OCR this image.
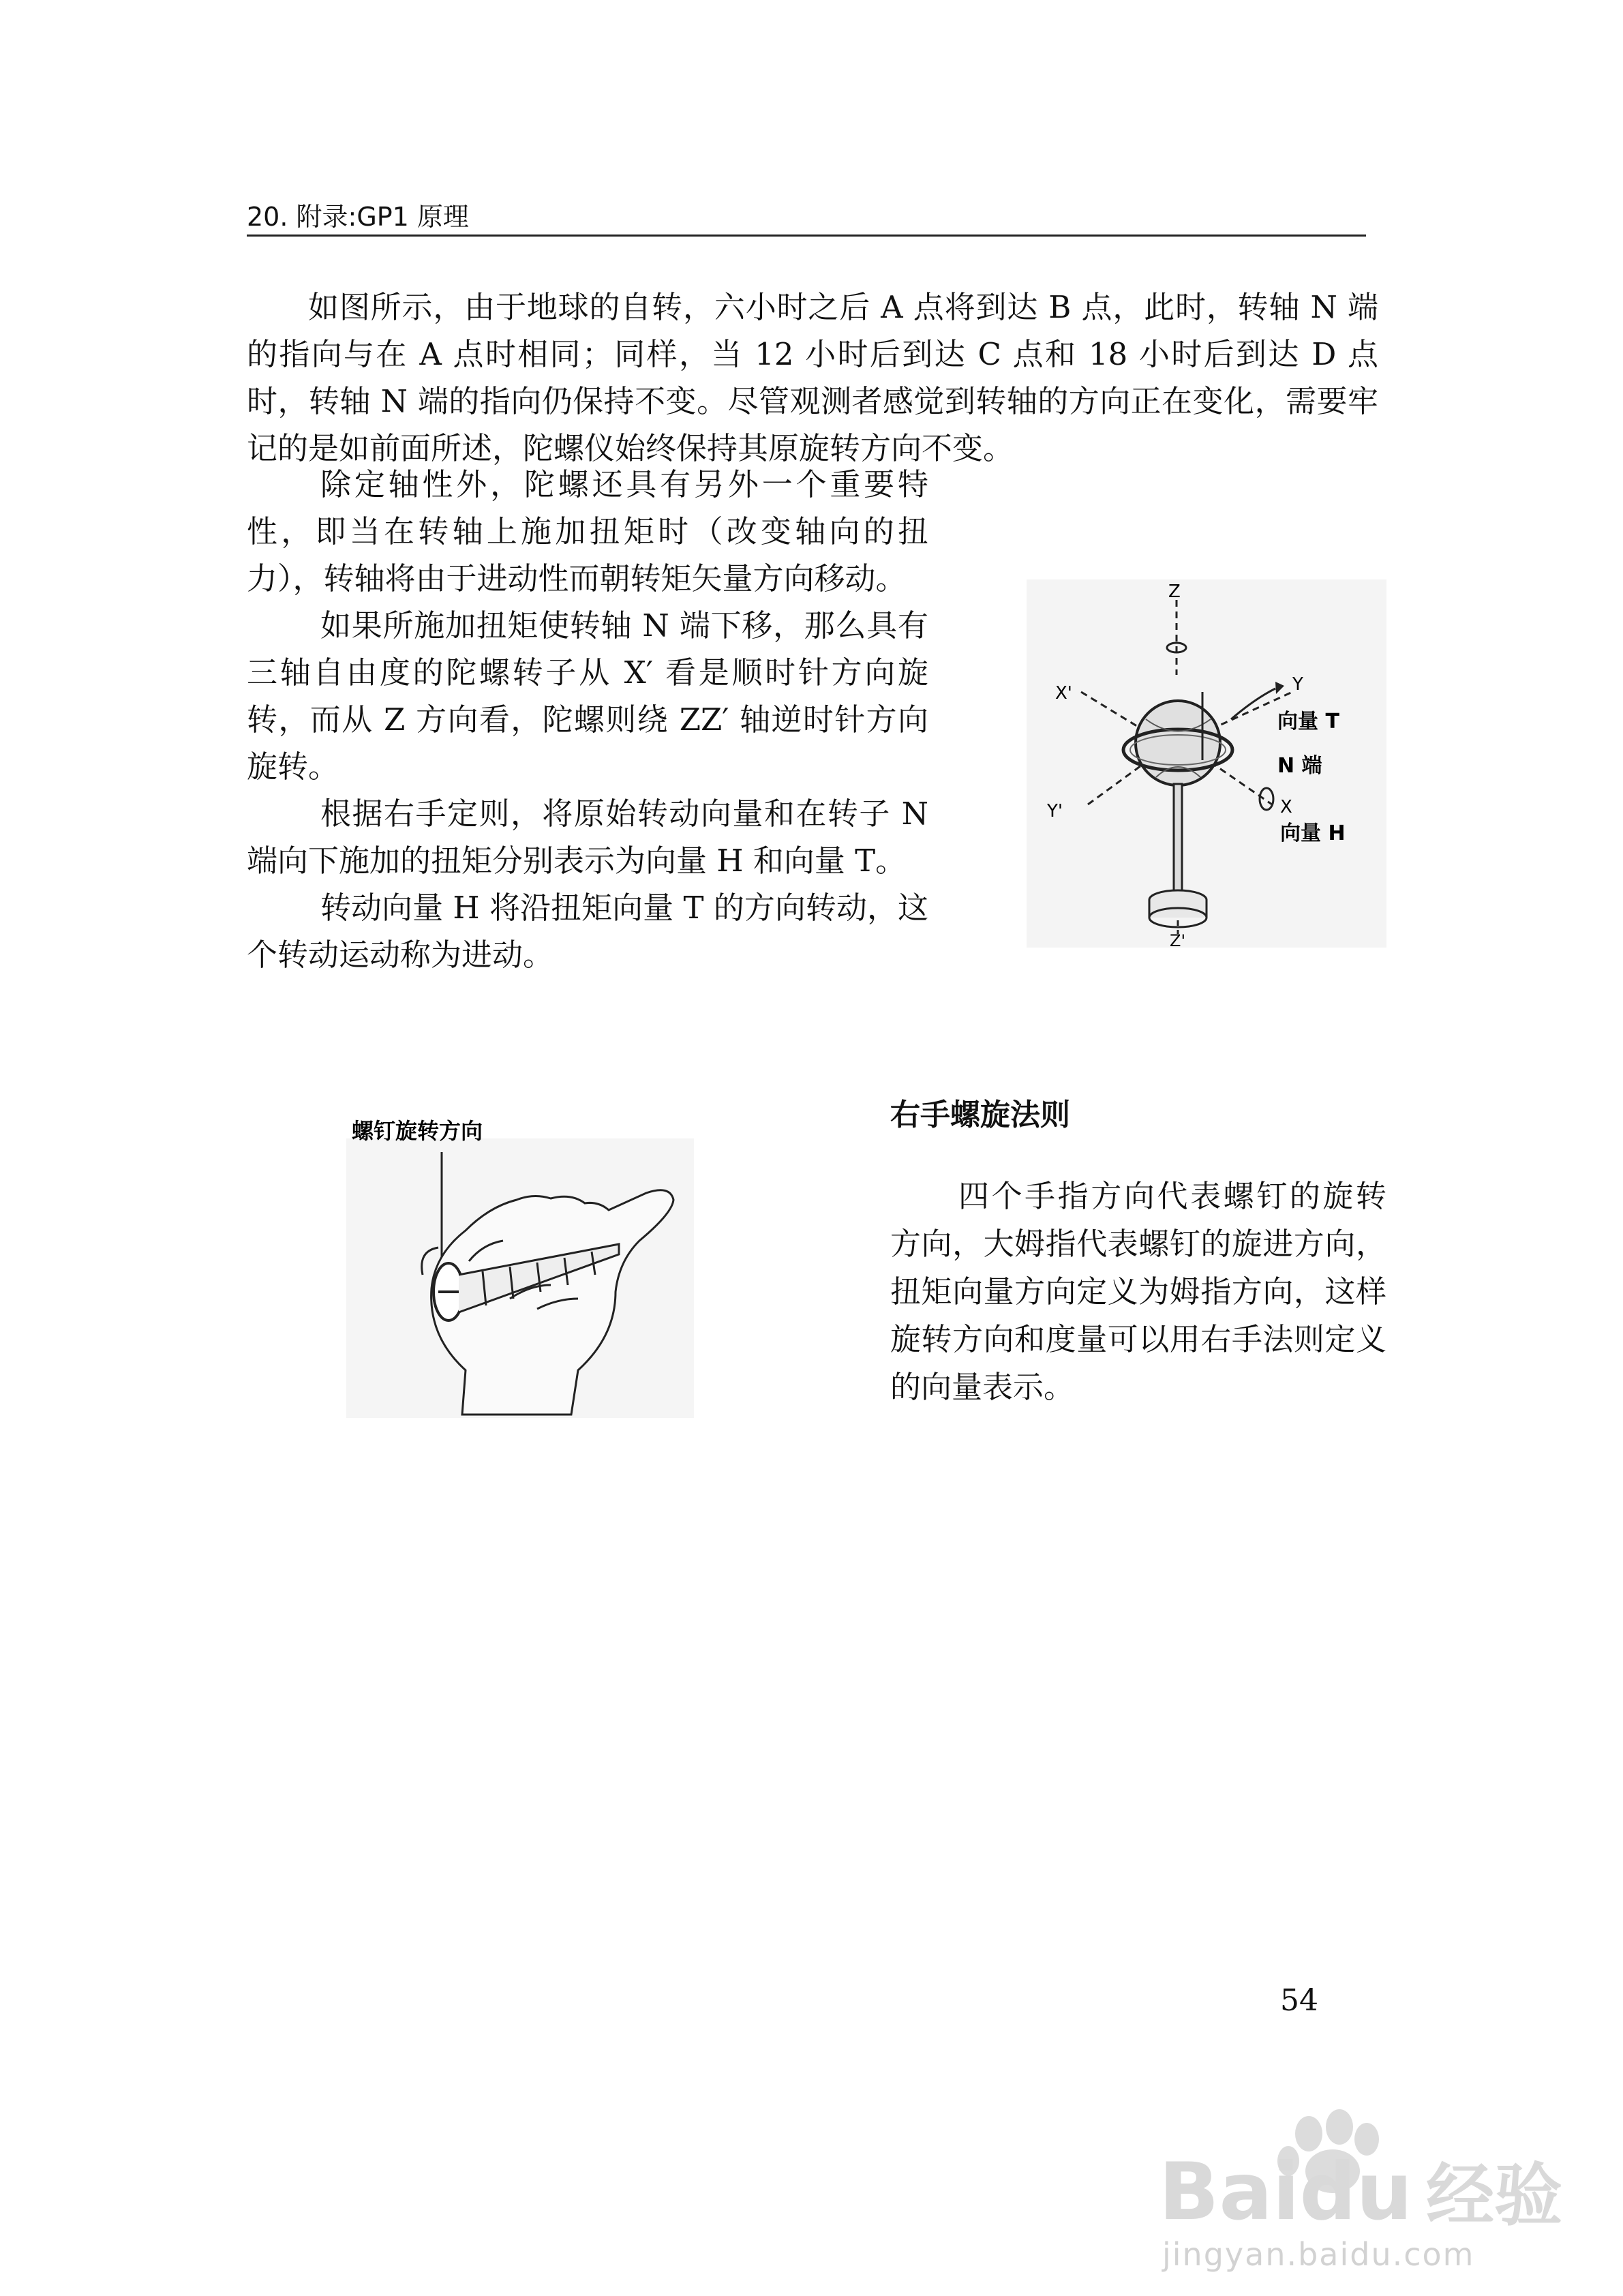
20. 附录:GP1 原理

如图所示，由于地球的自转，六小时之后 A 点将到达 B 点，此时，转轴 N 端的指向与在 A 点时相同；同样，当 12 小时后到达 C 点和 18 小时后到达 D 点时，转轴 N 端的指向仍保持不变。尽管观测者感觉到转轴的方向正在变化，需要牢记的是如前面所述，陀螺仪始终保持其原旋转方向不变。

除定轴性外，陀螺还具有另外一个重要特性，即当在转轴上施加扭矩时（改变轴向的扭力），转轴将由于进动性而朝转矩矢量方向移动。

如果所施加扭矩使转轴 N 端下移，那么具有三轴自由度的陀螺转子从 X′ 看是顺时针方向旋转，而从 Z 方向看，陀螺则绕 ZZ′ 轴逆时针方向旋转。

根据右手定则，将原始转动向量和在转子 N 端向下施加的扭矩分别表示为向量 H 和向量 T。

转动向量 H 将沿扭矩向量 T 的方向转动，这个转动运动称为进动。

Z
X'	Y
Y'	X
向量 T
N 端
向量 H
Z'
螺钉旋转方向	右手螺旋法则

四个手指方向代表螺钉的旋转方向，大姆指代表螺钉的旋进方向，扭矩向量方向定义为姆指方向，这样旋转方向和度量可以用右手法则定义的向量表示。

54
Baidu 经验
jingyan.baidu.com
